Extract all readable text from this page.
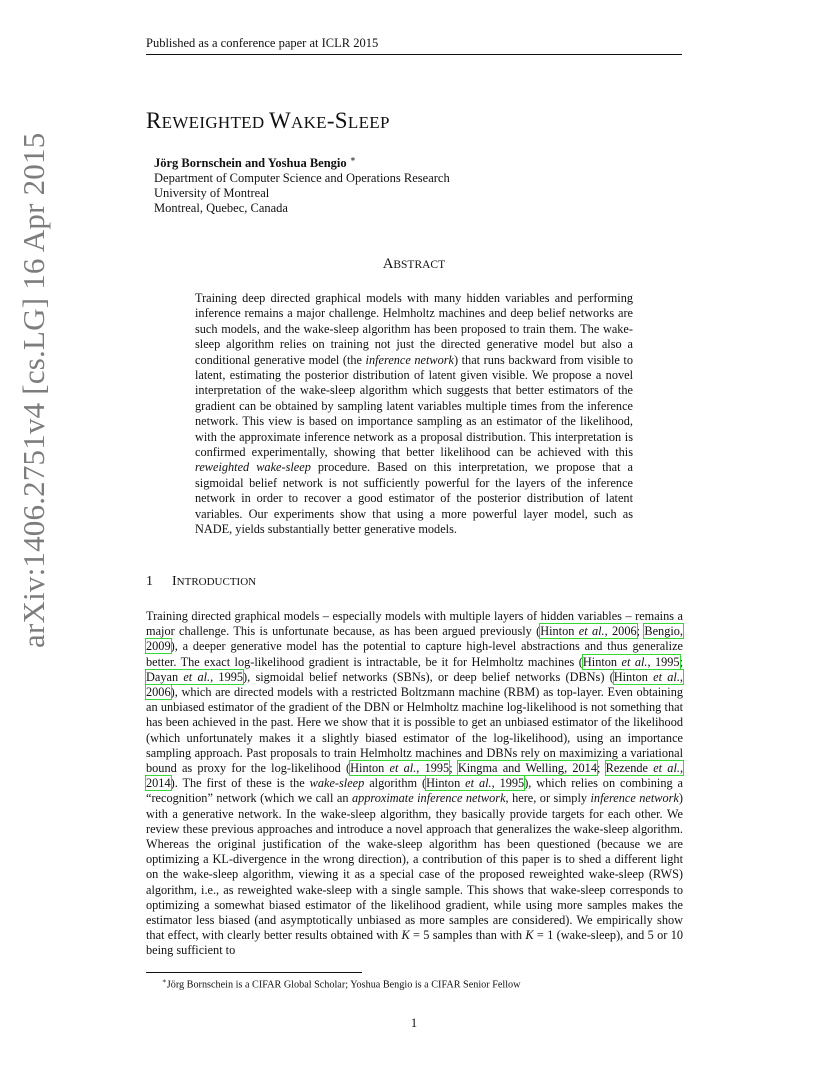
Published as a conference paper at ICLR 2015
REWEIGHTED WAKE-SLEEP
Jörg Bornschein and Yoshua Bengio ∗
Department of Computer Science and Operations Research
University of Montreal
Montreal, Quebec, Canada
ABSTRACT
Training deep directed graphical models with many hidden variables and performing inference remains a major challenge. Helmholtz machines and deep belief networks are such models, and the wake-sleep algorithm has been proposed to train them. The wake-sleep algorithm relies on training not just the directed generative model but also a conditional generative model (the inference network) that runs backward from visible to latent, estimating the posterior distribution of latent given visible. We propose a novel interpretation of the wake-sleep algorithm which suggests that better estimators of the gradient can be obtained by sampling latent variables multiple times from the inference network. This view is based on importance sampling as an estimator of the likelihood, with the approximate inference network as a proposal distribution. This interpretation is confirmed experimentally, showing that better likelihood can be achieved with this reweighted wake-sleep procedure. Based on this interpretation, we propose that a sigmoidal belief network is not sufficiently powerful for the layers of the inference network in order to recover a good estimator of the posterior distribution of latent variables. Our experiments show that using a more powerful layer model, such as NADE, yields substantially better generative models.
1 INTRODUCTION
Training directed graphical models – especially models with multiple layers of hidden variables – remains a major challenge. This is unfortunate because, as has been argued previously (Hinton et al., 2006; Bengio, 2009), a deeper generative model has the potential to capture high-level abstractions and thus generalize better. The exact log-likelihood gradient is intractable, be it for Helmholtz machines (Hinton et al., 1995; Dayan et al., 1995), sigmoidal belief networks (SBNs), or deep belief networks (DBNs) (Hinton et al., 2006), which are directed models with a restricted Boltzmann machine (RBM) as top-layer. Even obtaining an unbiased estimator of the gradient of the DBN or Helmholtz machine log-likelihood is not something that has been achieved in the past. Here we show that it is possible to get an unbiased estimator of the likelihood (which unfortunately makes it a slightly biased estimator of the log-likelihood), using an importance sampling approach. Past proposals to train Helmholtz machines and DBNs rely on maximizing a variational bound as proxy for the log-likelihood (Hinton et al., 1995; Kingma and Welling, 2014; Rezende et al., 2014). The first of these is the wake-sleep algorithm (Hinton et al., 1995), which relies on combining a “recognition” network (which we call an approximate inference network, here, or simply inference network) with a generative network. In the wake-sleep algorithm, they basically provide targets for each other. We review these previous approaches and introduce a novel approach that generalizes the wake-sleep algorithm. Whereas the original justification of the wake-sleep algorithm has been questioned (because we are optimizing a KL-divergence in the wrong direction), a contribution of this paper is to shed a different light on the wake-sleep algorithm, viewing it as a special case of the proposed reweighted wake-sleep (RWS) algorithm, i.e., as reweighted wake-sleep with a single sample. This shows that wake-sleep corresponds to optimizing a somewhat biased estimator of the likelihood gradient, while using more samples makes the estimator less biased (and asymptotically unbiased as more samples are considered). We empirically show that effect, with clearly better results obtained with K = 5 samples than with K = 1 (wake-sleep), and 5 or 10 being sufficient to
∗Jörg Bornschein is a CIFAR Global Scholar; Yoshua Bengio is a CIFAR Senior Fellow
1
arXiv:1406.2751v4 [cs.LG] 16 Apr 2015
